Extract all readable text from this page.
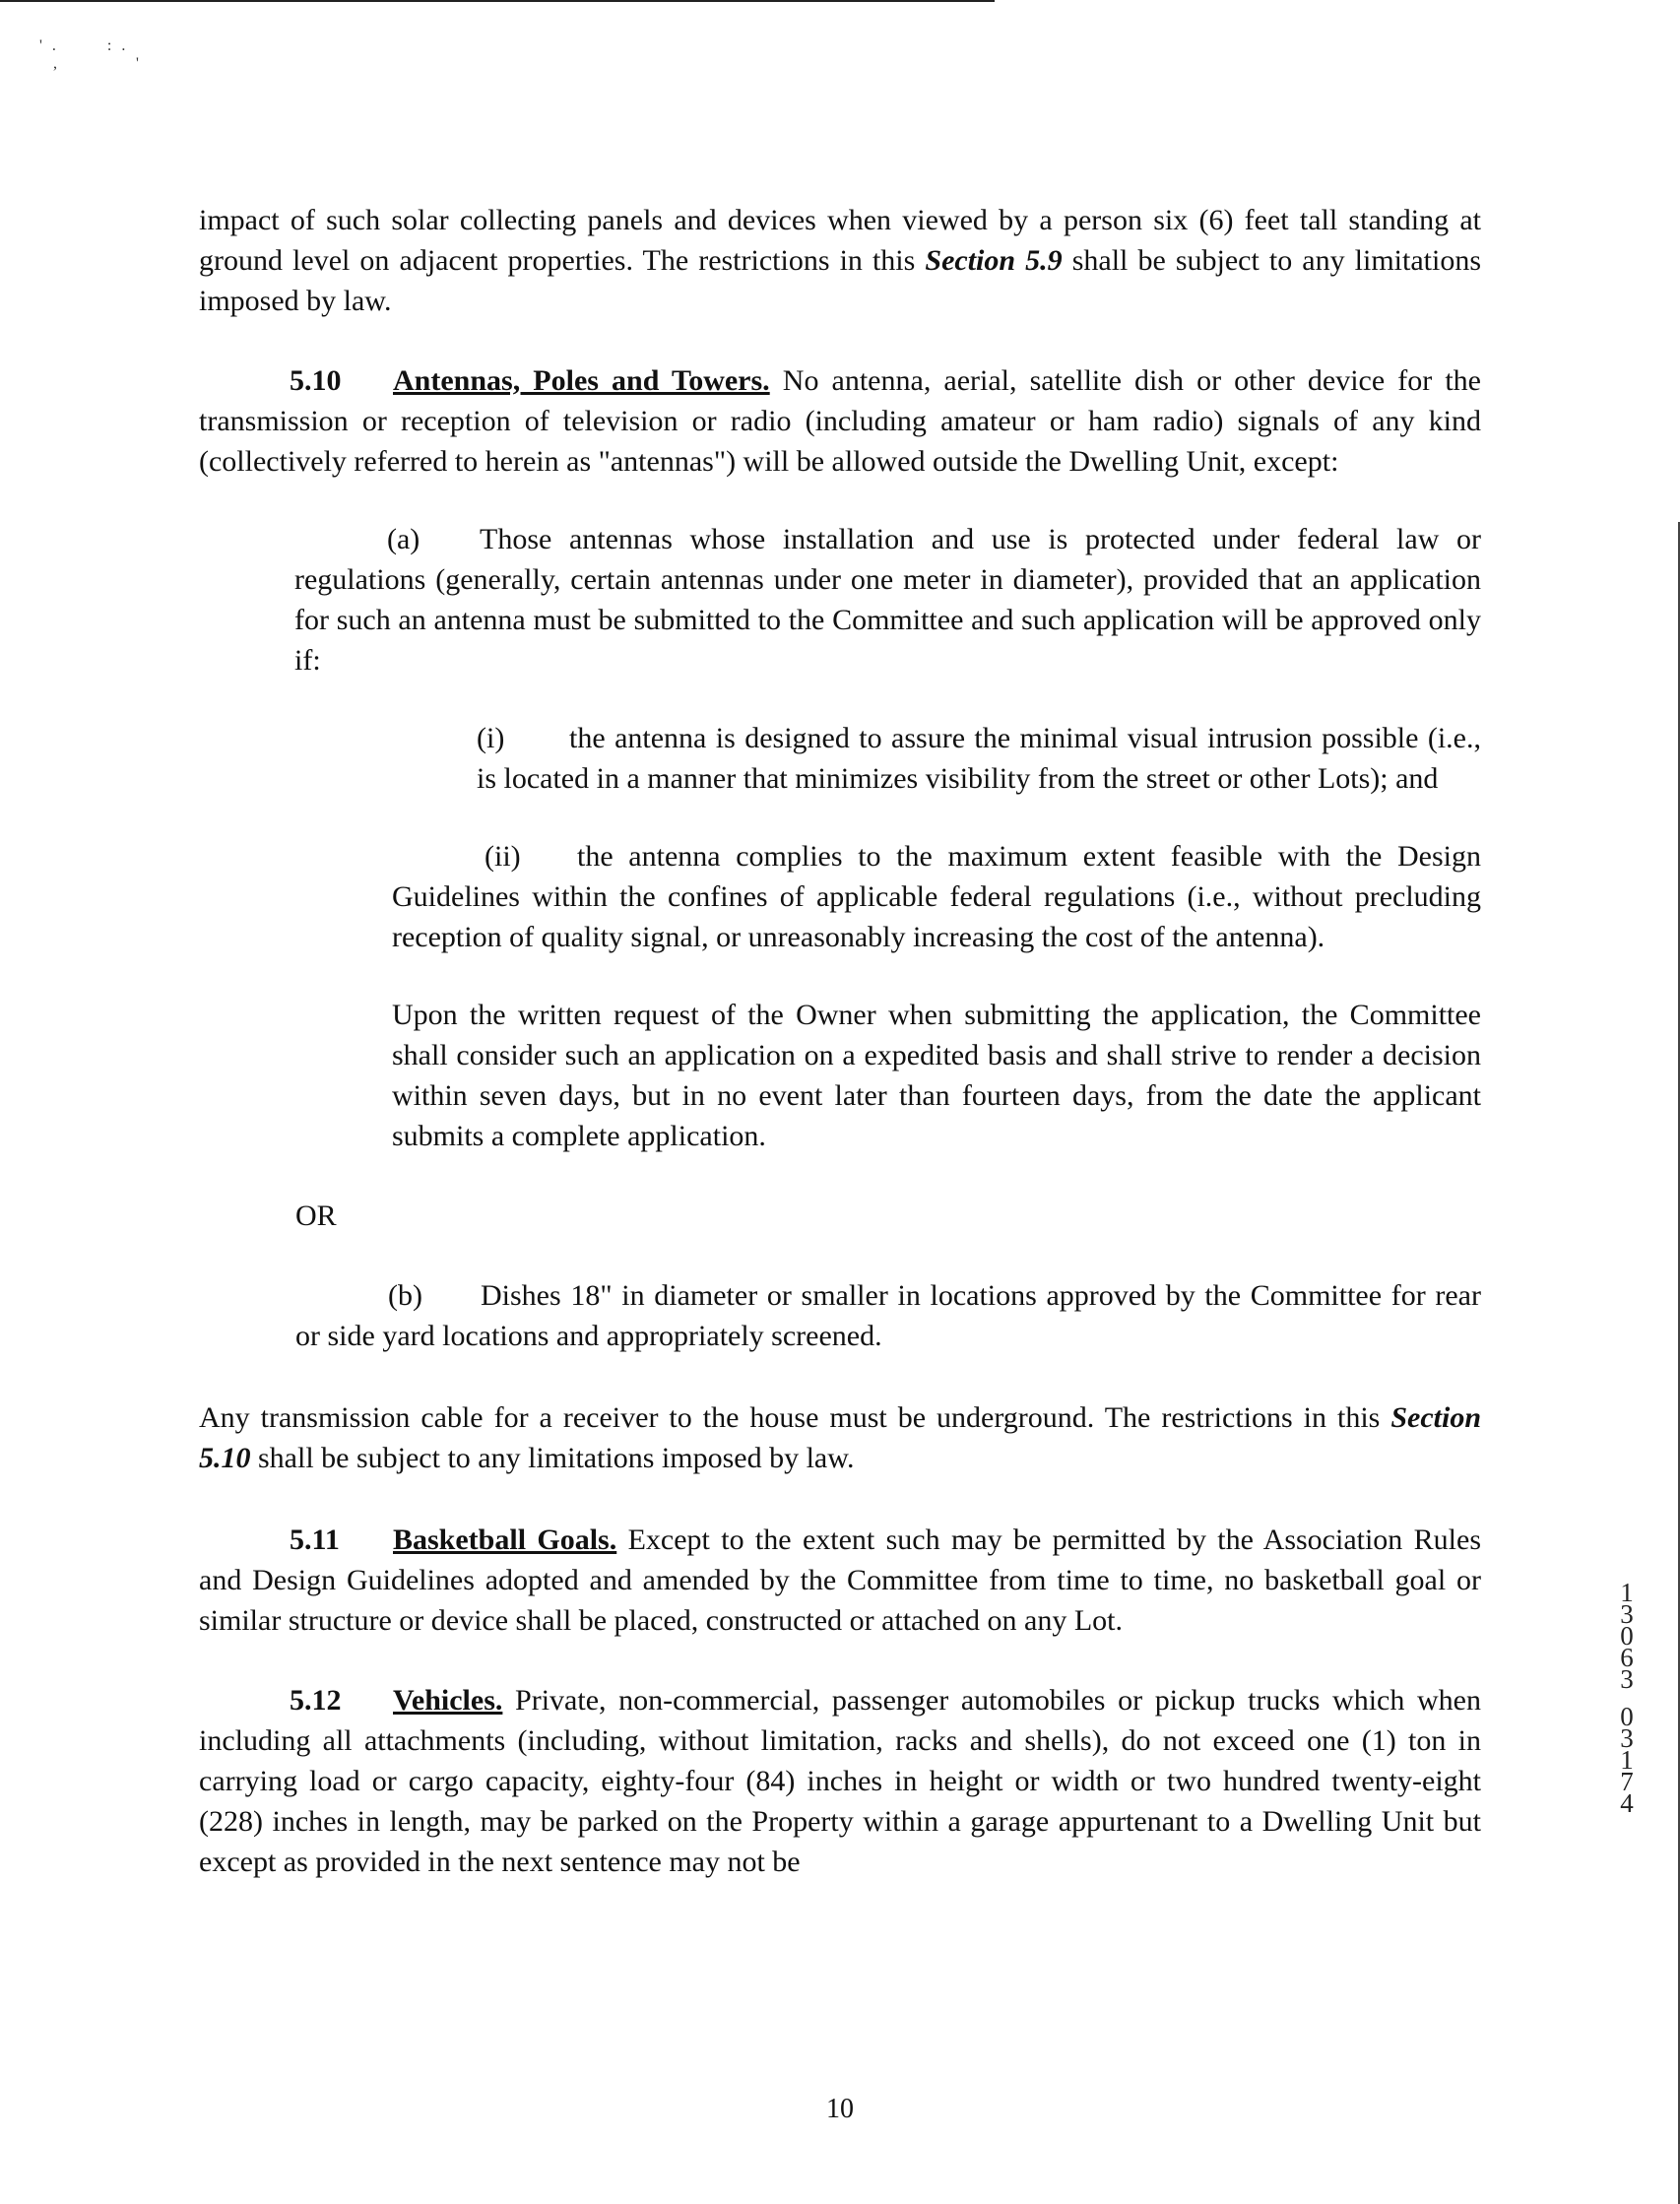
'.   :.
,     '

impact of such solar collecting panels and devices when viewed by a person six (6) feet tall standing at ground level on adjacent properties. The restrictions in this Section 5.9 shall be subject to any limitations imposed by law.

5.10 Antennas, Poles and Towers. No antenna, aerial, satellite dish or other device for the transmission or reception of television or radio (including amateur or ham radio) signals of any kind (collectively referred to herein as "antennas") will be allowed outside the Dwelling Unit, except:

(a) Those antennas whose installation and use is protected under federal law or regulations (generally, certain antennas under one meter in diameter), provided that an application for such an antenna must be submitted to the Committee and such application will be approved only if:

(i) the antenna is designed to assure the minimal visual intrusion possible (i.e., is located in a manner that minimizes visibility from the street or other Lots); and

(ii) the antenna complies to the maximum extent feasible with the Design Guidelines within the confines of applicable federal regulations (i.e., without precluding reception of quality signal, or unreasonably increasing the cost of the antenna).

Upon the written request of the Owner when submitting the application, the Committee shall consider such an application on a expedited basis and shall strive to render a decision within seven days, but in no event later than fourteen days, from the date the applicant submits a complete application.

OR

(b) Dishes 18" in diameter or smaller in locations approved by the Committee for rear or side yard locations and appropriately screened.

Any transmission cable for a receiver to the house must be underground. The restrictions in this Section 5.10 shall be subject to any limitations imposed by law.

5.11 Basketball Goals. Except to the extent such may be permitted by the Association Rules and Design Guidelines adopted and amended by the Committee from time to time, no basketball goal or similar structure or device shall be placed, constructed or attached on any Lot.

5.12 Vehicles. Private, non-commercial, passenger automobiles or pickup trucks which when including all attachments (including, without limitation, racks and shells), do not exceed one (1) ton in carrying load or cargo capacity, eighty-four (84) inches in height or width or two hundred twenty-eight (228) inches in length, may be parked on the Property within a garage appurtenant to a Dwelling Unit but except as provided in the next sentence may not be

10
1
3
0
6
3
0
3
1
7
4
